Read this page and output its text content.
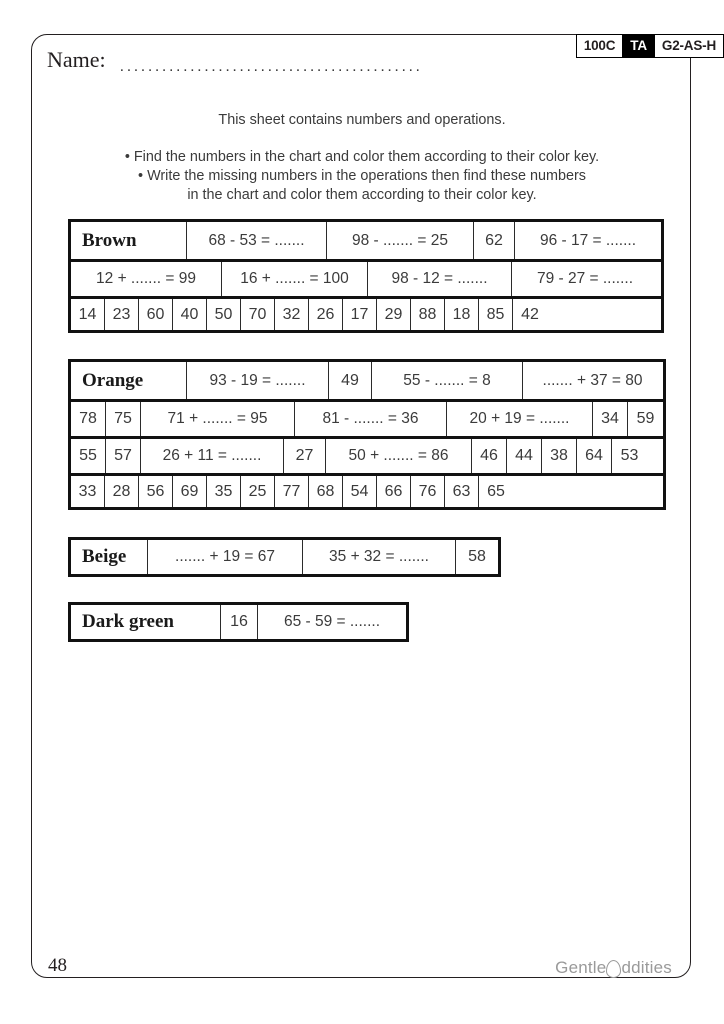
100C	TA	G2-AS-H
Name: ...........................................
This sheet contains numbers and operations.
• Find the numbers in the chart and color them according to their color key.
• Write the missing numbers in the operations then find these numbers
in the chart and color them according to their color key.
Brown	68 - 53 = .......	98 - ....... = 25	62	96 - 17 = .......
12 + ....... = 99	16 + ....... = 100	98 - 12 = .......	79 - 27 = .......
14	23	60	40	50	70	32	26	17	29	88	18	85	42
Orange	93 - 19 = .......	49	55 - ....... = 8	....... + 37 = 80
78	75	71 + ....... = 95	81 - ....... = 36	20 + 19 = .......	34	59
55	57	26 + 11 = .......	27	50 + ....... = 86	46	44	38	64	53
33	28	56	69	35	25	77	68	54	66	76	63	65
Beige	....... + 19 = 67	35 + 32 = .......	58
Dark green	16	65 - 59 = .......
48	Gentle ddities
